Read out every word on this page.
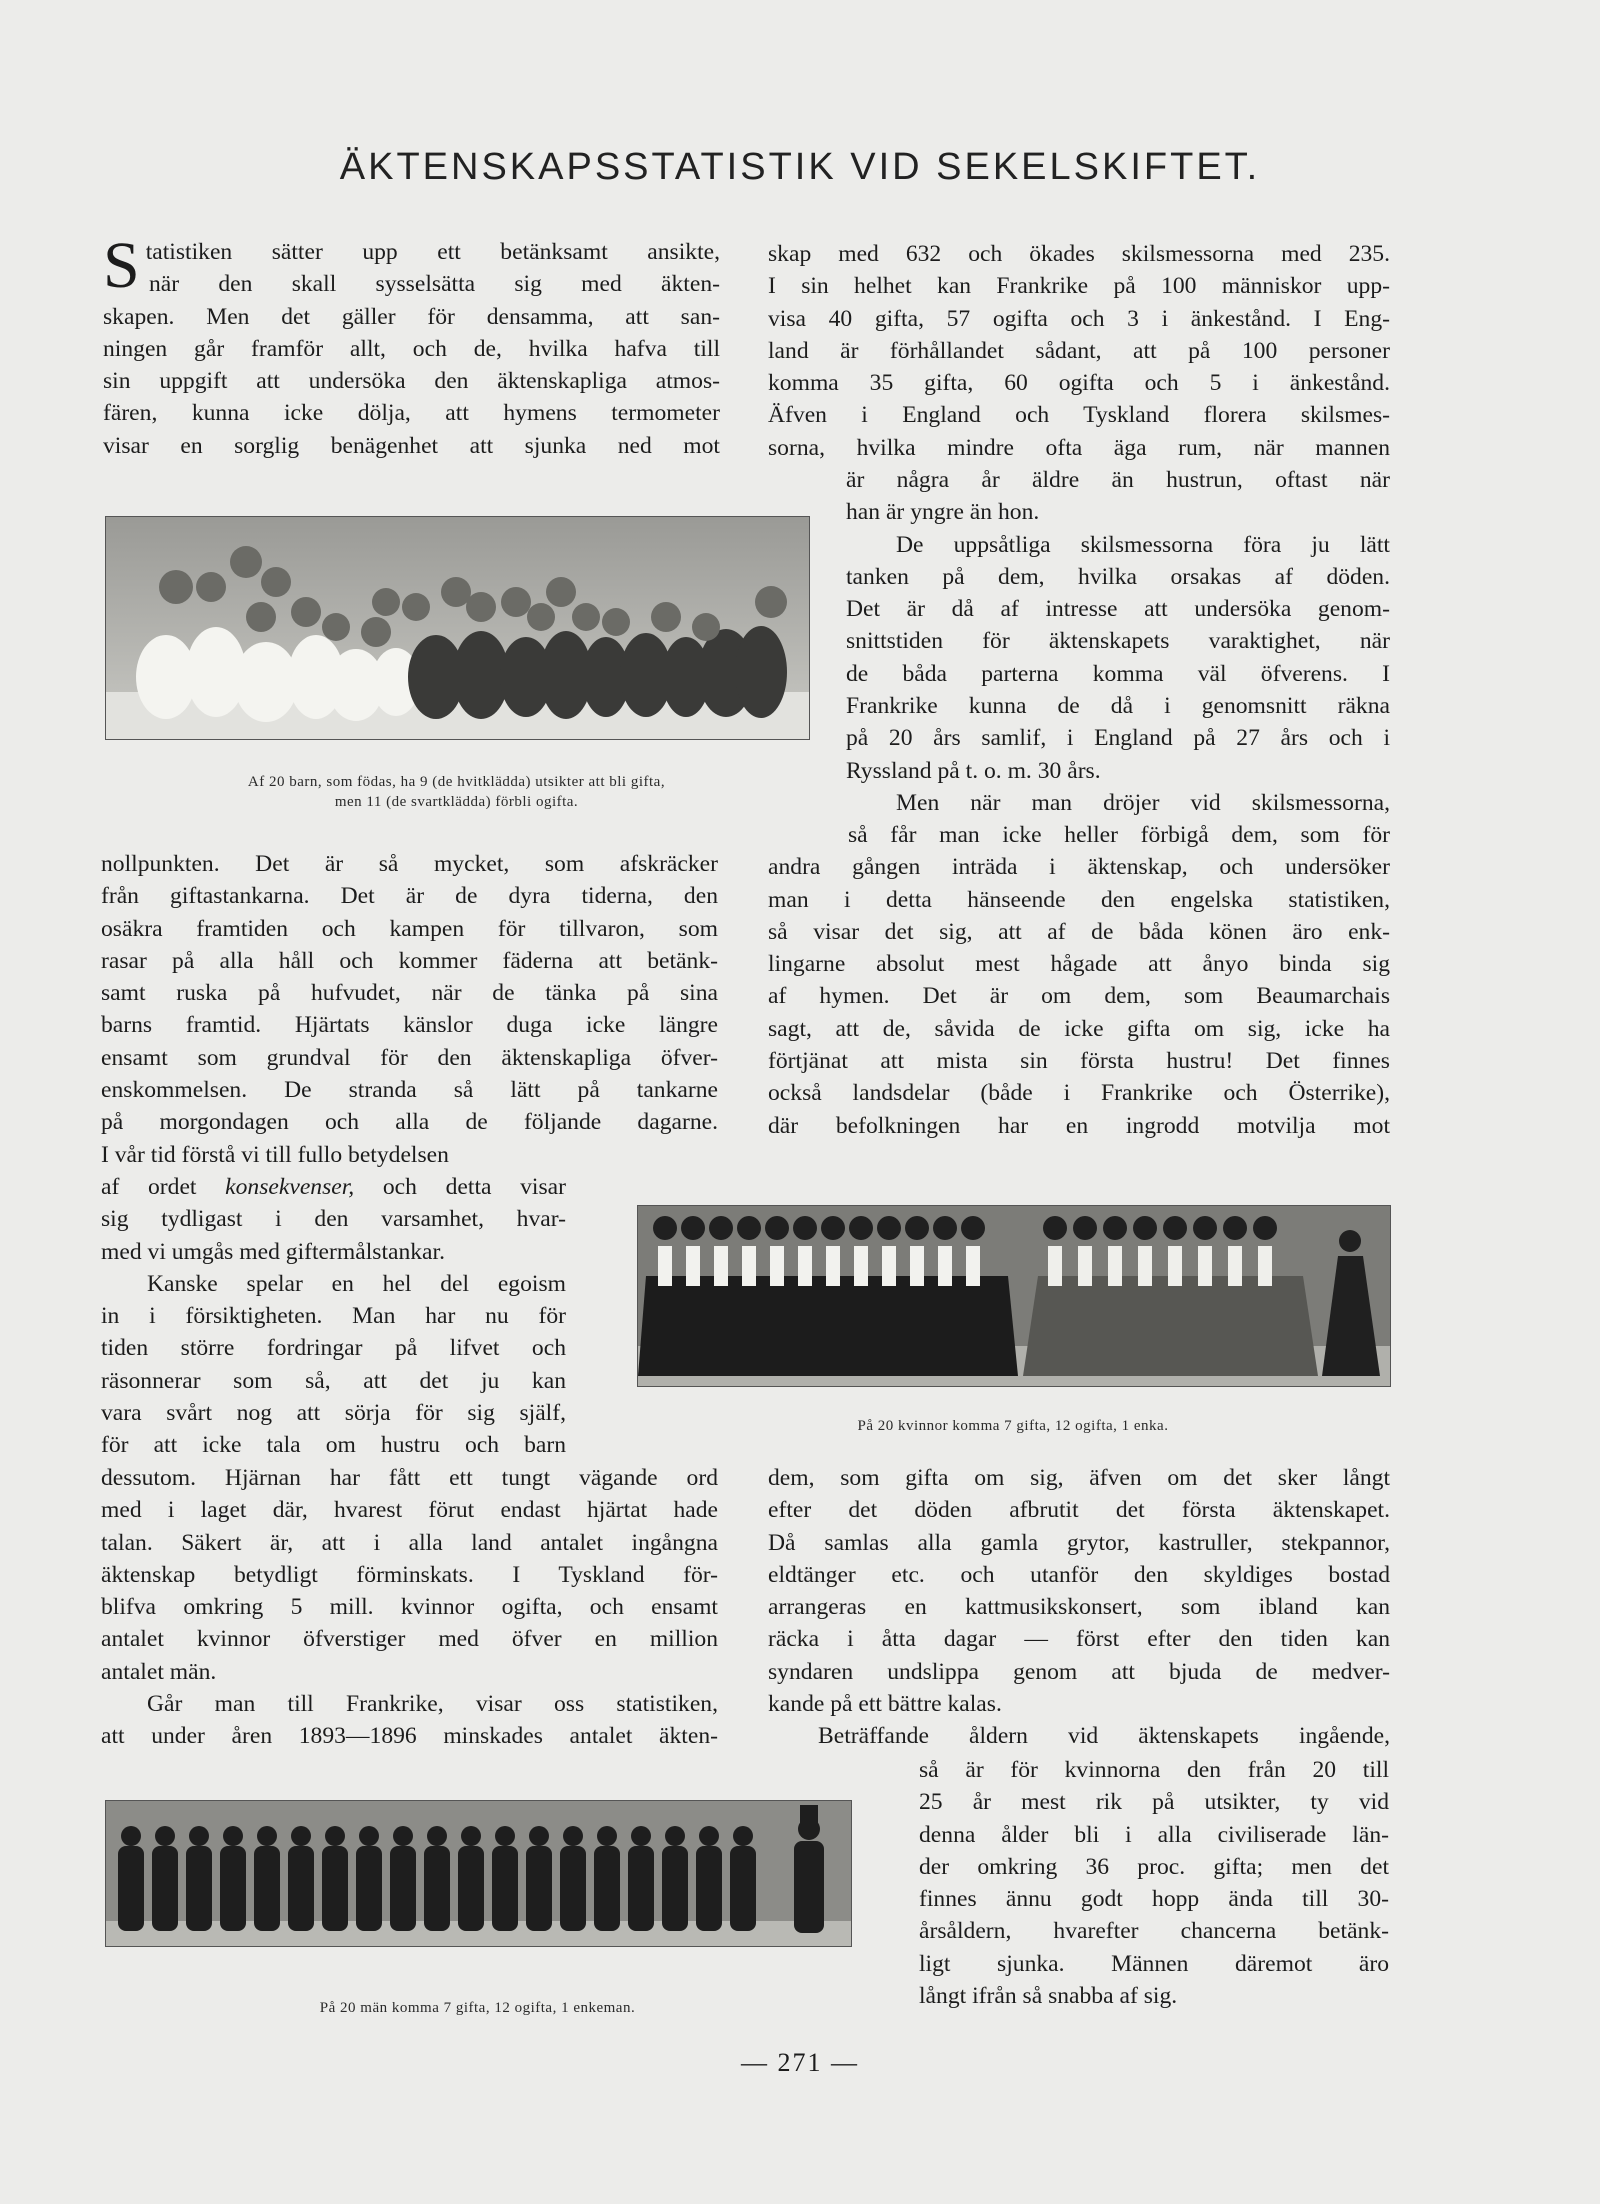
ÄKTENSKAPSSTATISTIK VID SEKELSKIFTET.
S tatistiken sätter upp ett betänksamt ansikte,
när den skall sysselsätta sig med äkten-
skapen. Men det gäller för densamma, att san-
ningen går framför allt, och de, hvilka hafva till
sin uppgift att undersöka den äktenskapliga atmos-
fären, kunna icke dölja, att hymens termometer
visar en sorglig benägenhet att sjunka ned mot
Af 20 barn, som födas, ha 9 (de hvitklädda) utsikter att bli gifta,
men 11 (de svartklädda) förbli ogifta.
nollpunkten. Det är så mycket, som afskräcker
från giftastankarna. Det är de dyra tiderna, den
osäkra framtiden och kampen för tillvaron, som
rasar på alla håll och kommer fäderna att betänk-
samt ruska på hufvudet, när de tänka på sina
barns framtid. Hjärtats känslor duga icke längre
ensamt som grundval för den äktenskapliga öfver-
enskommelsen. De stranda så lätt på tankarne
på morgondagen och alla de följande dagarne.
I vår tid förstå vi till fullo betydelsen
af ordet konsekvenser, och detta visar
sig tydligast i den varsamhet, hvar-
med vi umgås med giftermålstankar.
Kanske spelar en hel del egoism
in i försiktigheten. Man har nu för
tiden större fordringar på lifvet och
räsonnerar som så, att det ju kan
vara svårt nog att sörja för sig själf,
för att icke tala om hustru och barn
dessutom. Hjärnan har fått ett tungt vägande ord
med i laget där, hvarest förut endast hjärtat hade
talan. Säkert är, att i alla land antalet ingångna
äktenskap betydligt förminskats. I Tyskland för-
blifva omkring 5 mill. kvinnor ogifta, och ensamt
antalet kvinnor öfverstiger med öfver en million
antalet män.
Går man till Frankrike, visar oss statistiken,
att under åren 1893—1896 minskades antalet äkten-
På 20 män komma 7 gifta, 12 ogifta, 1 enkeman.
skap med 632 och ökades skilsmessorna med 235.
I sin helhet kan Frankrike på 100 människor upp-
visa 40 gifta, 57 ogifta och 3 i änkestånd. I Eng-
land är förhållandet sådant, att på 100 personer
komma 35 gifta, 60 ogifta och 5 i änkestånd.
Äfven i England och Tyskland florera skilsmes-
sorna, hvilka mindre ofta äga rum, när mannen
är några år äldre än hustrun, oftast när
han är yngre än hon.
De uppsåtliga skilsmessorna föra ju lätt
tanken på dem, hvilka orsakas af döden.
Det är då af intresse att undersöka genom-
snittstiden för äktenskapets varaktighet, när
de båda parterna komma väl öfverens. I
Frankrike kunna de då i genomsnitt räkna
på 20 års samlif, i England på 27 års och i
Ryssland på t. o. m. 30 års.
Men när man dröjer vid skilsmessorna,
så får man icke heller förbigå dem, som för
andra gången inträda i äktenskap, och undersöker
man i detta hänseende den engelska statistiken,
så visar det sig, att af de båda könen äro enk-
lingarne absolut mest hågade att ånyo binda sig
af hymen. Det är om dem, som Beaumarchais
sagt, att de, såvida de icke gifta om sig, icke ha
förtjänat att mista sin första hustru! Det finnes
också landsdelar (både i Frankrike och Österrike),
där befolkningen har en ingrodd motvilja mot
På 20 kvinnor komma 7 gifta, 12 ogifta, 1 enka.
dem, som gifta om sig, äfven om det sker långt
efter det döden afbrutit det första äktenskapet.
Då samlas alla gamla grytor, kastruller, stekpannor,
eldtänger etc. och utanför den skyldiges bostad
arrangeras en kattmusikskonsert, som ibland kan
räcka i åtta dagar — först efter den tiden kan
syndaren undslippa genom att bjuda de medver-
kande på ett bättre kalas.
Beträffande åldern vid äktenskapets ingående,
så är för kvinnorna den från 20 till
25 år mest rik på utsikter, ty vid
denna ålder bli i alla civiliserade län-
der omkring 36 proc. gifta; men det
finnes ännu godt hopp ända till 30-
årsåldern, hvarefter chancerna betänk-
ligt sjunka. Männen däremot äro
långt ifrån så snabba af sig.
— 271 —
